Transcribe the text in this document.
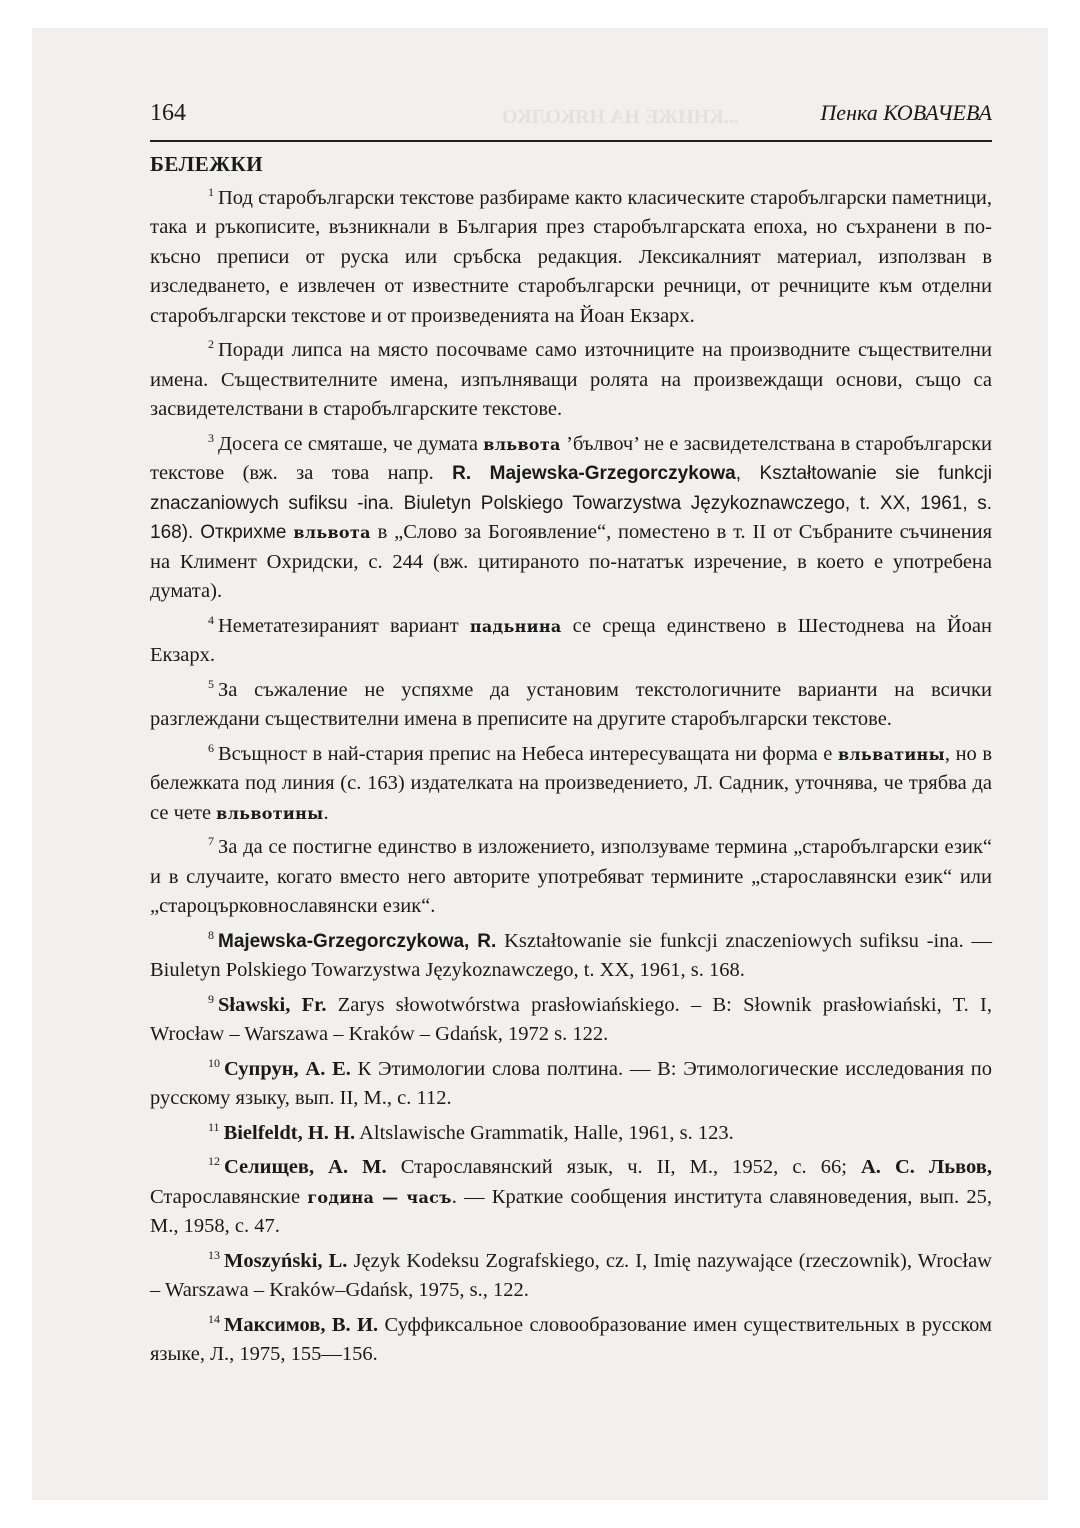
...КНИЖЕ НА НЯКОЛКО
164	Пенка КОВАЧЕВА
БЕЛЕЖКИ

$^1$ Под старобългарски текстове разбираме както класическите старобългарски паметници, така и ръкописите, възникнали в България през старобългарската епоха, но съхранени в по-късно преписи от руска или сръбска редакция. Лексикалният материал, използван в изследването, е извлечен от известните старобългарски речници, от речниците към отделни старобългарски текстове и от произведенията на Йоан Екзарх.

$^2$ Поради липса на място посочваме само източниците на производните съществителни имена. Съществителните имена, изпълняващи ролята на произвеждащи основи, също са засвидетелствани в старобългарските текстове.

$^3$ Досега се смяташе, че думата вльвота ’бълвоч’ не е засвидетелствана в старобългарски текстове (вж. за това напр. R. Majewska-Grzegorczykowa, Kształtowanie sie funkcji znaczaniowych sufiksu -ina. Biuletyn Polskiego Towarzystwa Językoznawczego, t. XX, 1961, s. 168). Открихме вльвота в „Слово за Богоявление“, поместено в т. II от Събраните съчинения на Климент Охридски, с. 244 (вж. цитираното по-нататък изречение, в което е употребена думата).

$^4$ Неметатезираният вариант падьнина се среща единствено в Шестоднева на Йоан Екзарх.

$^5$ За съжаление не успяхме да установим текстологичните варианти на всички разглеждани съществителни имена в преписите на другите старобългарски текстове.

$^6$ Всъщност в най-стария препис на Небеса интересуващата ни форма е вльватины, но в бележката под линия (с. 163) издателката на произведението, Л. Садник, уточнява, че трябва да се чете вльвотины.

$^7$ За да се постигне единство в изложението, използуваме термина „старобългарски език“ и в случаите, когато вместо него авторите употребяват термините „старославянски език“ или „староцърковнославянски език“.

$^8$ Majewska-Grzegorczykowa, R. Kształtowanie sie funkcji znaczeniowych sufiksu -ina. — Biuletyn Polskiego Towarzystwa Językoznawczego, t. XX, 1961, s. 168.

$^9$ Sławski, Fr. Zarys słowotwórstwa prasłowiańskiego. – В: Słownik prasłowiański, T. I, Wrocław – Warszawa – Kraków – Gdańsk, 1972 s. 122.

$^{10}$ Супрун, А. Е. К Этимологии слова полтина. — В: Этимологические исследования по русскому языку, вып. II, М., с. 112.

$^{11}$ Bielfeldt, H. H. Altslawische Grammatik, Halle, 1961, s. 123.

$^{12}$ Селищев, А. М. Старославянский язык, ч. II, М., 1952, с. 66; А. С. Львов, Старославянские година — часъ. — Краткие сообщения института славяноведения, вып. 25, М., 1958, с. 47.

$^{13}$ Moszyński, L. Język Kodeksu Zografskiego, cz. I, Imię nazywające (rzeczownik), Wrocław – Warszawa – Kraków–Gdańsk, 1975, s., 122.

$^{14}$ Максимов, В. И. Суффиксальное словообразование имен существительных в русском языке, Л., 1975, 155—156.
